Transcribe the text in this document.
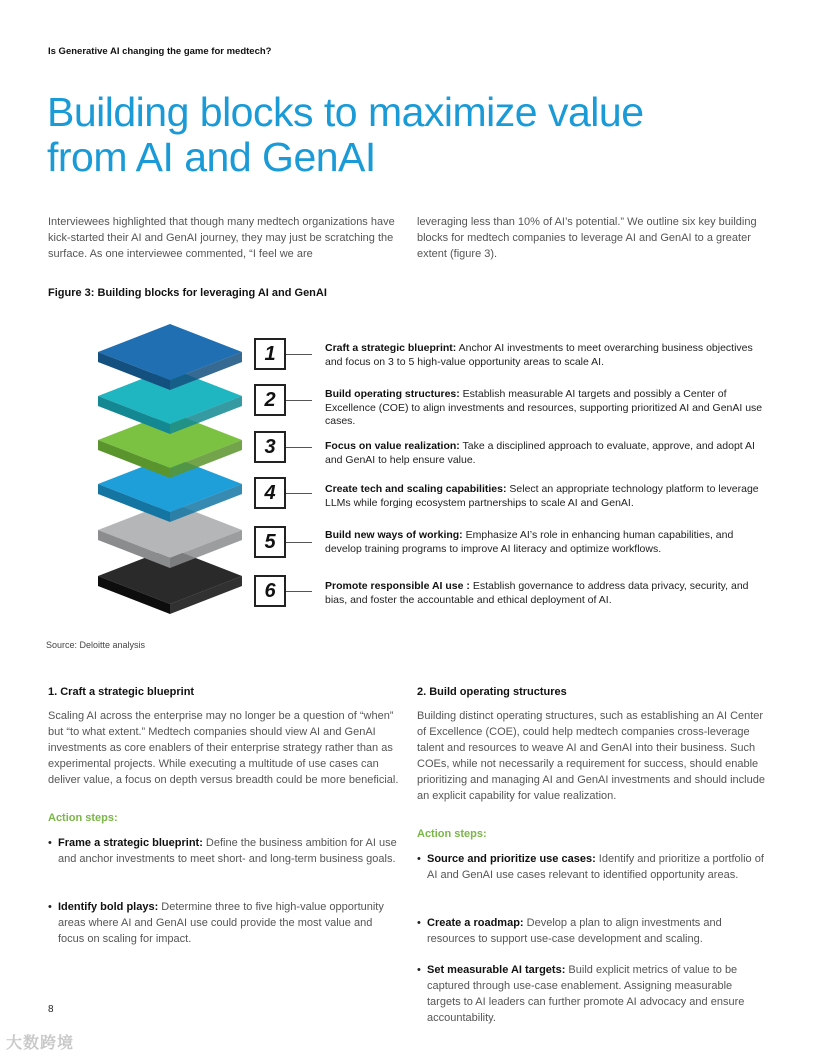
Is Generative AI changing the game for medtech?
Building blocks to maximize value
from AI and GenAI
Interviewees highlighted that though many medtech organizations have kick-started their AI and GenAI journey, they may just be scratching the surface. As one interviewee commented, “I feel we are
leveraging less than 10% of AI’s potential.” We outline six key building blocks for medtech companies to leverage AI and GenAI to a greater extent (figure 3).
Figure 3: Building blocks for leveraging AI and GenAI
1	Craft a strategic blueprint: Anchor AI investments to meet overarching business objectives and focus on 3 to 5 high-value opportunity areas to scale AI.
2	Build operating structures: Establish measurable AI targets and possibly a Center of Excellence (COE) to align investments and resources, supporting prioritized AI and GenAI use cases.
3	Focus on value realization: Take a disciplined approach to evaluate, approve, and adopt AI and GenAI to help ensure value.
4	Create tech and scaling capabilities: Select an appropriate technology platform to leverage LLMs while forging ecosystem partnerships to scale AI and GenAI.
5	Build new ways of working: Emphasize AI’s role in enhancing human capabilities, and develop training programs to improve AI literacy and optimize workflows.
6	Promote responsible AI use : Establish governance to address data privacy, security, and bias, and foster the accountable and ethical deployment of AI.
Source: Deloitte analysis
1. Craft a strategic blueprint
Scaling AI across the enterprise may no longer be a question of “when” but “to what extent.” Medtech companies should view AI and GenAI investments as core enablers of their enterprise strategy rather than as experimental projects. While executing a multitude of use cases can deliver value, a focus on depth versus breadth could be more beneficial.
Action steps:
• Frame a strategic blueprint: Define the business ambition for AI use and anchor investments to meet short- and long-term business goals.
• Identify bold plays: Determine three to five high-value opportunity areas where AI and GenAI use could provide the most value and focus on scaling for impact.
2. Build operating structures
Building distinct operating structures, such as establishing an AI Center of Excellence (COE), could help medtech companies cross-leverage talent and resources to weave AI and GenAI into their business. Such COEs, while not necessarily a requirement for success, should enable prioritizing and managing AI and GenAI investments and should include an explicit capability for value realization.
Action steps:
• Source and prioritize use cases: Identify and prioritize a portfolio of AI and GenAI use cases relevant to identified opportunity areas.
• Create a roadmap: Develop a plan to align investments and resources to support use-case development and scaling.
• Set measurable AI targets: Build explicit metrics of value to be captured through use-case enablement. Assigning measurable targets to AI leaders can further promote AI advocacy and ensure accountability.
8
大数跨境
